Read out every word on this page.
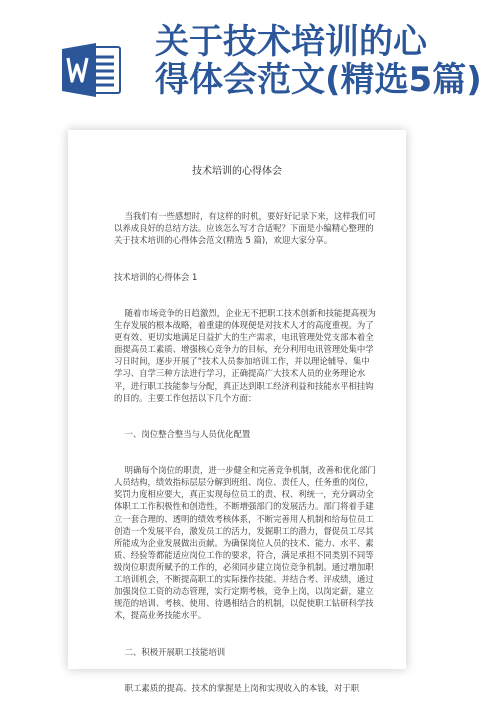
关于技术培训的心
得体会范文(精选5篇)
技术培训的心得体会

当我们有一些感想时，有这样的时机，要好好记录下来，这样我们可以养成良好的总结方法。应该怎么写才合适呢？下面是小编精心整理的关于技术培训的心得体会范文(精选 5 篇)，欢迎大家分享。

技术培训的心得体会 1

随着市场竞争的日趋激烈，企业无不把职工技术创新和技能提高视为生存发展的根本战略，着重建的体现便是对技术人才的高度重视。为了更有效、更切实地满足日益扩大的生产需求，电讯管理处党支部本着全面提高员工素质、增强核心竞争力的目标，充分利用电讯管理处集中学习日时间，逐步开展了“技术人员参加培训工作，并以理论辅导、集中学习、自学三种方法进行学习，正确提高广大技术人员的业务理论水平，进行职工技能参与分配，真正达到职工经济利益和技能水平相挂钩的目的。主要工作包括以下几个方面：

一、岗位整合整当与人员优化配置

明确每个岗位的职责，进一步健全和完善竞争机制，改善和优化部门人员结构，绩效指标层层分解到班组、岗位、责任人，任务重的岗位，奖罚力度相应要大，真正实现每位员工的责、权、利统一，充分调动全体职工工作积极性和创造性，不断增强部门的发展活力。部门将着手建立一套合理的、透明的绩效考核体系，不断完善用人机制和给每位员工创造一个发展平台，激发员工的活力，发掘职工的潜力，督促员工尽其所能成为企业发展做出贡献。为确保岗位人员的技术、能力、水平、素质、经验等都能适应岗位工作的要求，符合，满足承担不同类别不同等级岗位职责所赋予的工作的，必须同步建立岗位竞争机制。通过增加职工培训机会，不断提高职工的实际操作技能、并结合考、评成绩，通过加强岗位工资的动态管理，实行定期考核，竞争上岗，以岗定薪，建立规范的培训、考核、使用、待遇相结合的机制，以促使职工钻研科学技术，提高业务技能水平。

二、积极开展职工技能培训

职工素质的提高、技术的掌握是上岗和实现收入的本钱，对于职
